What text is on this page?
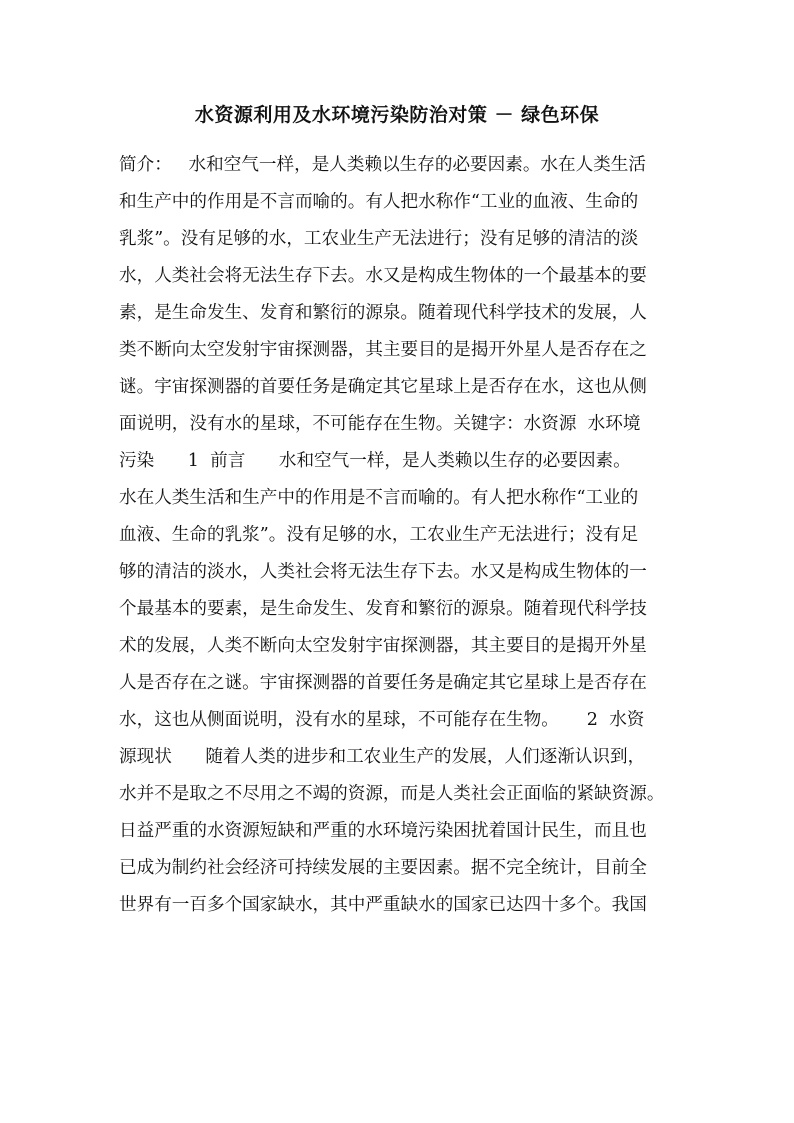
水资源利用及水环境污染防治对策 － 绿色环保
简介：   水和空气一样，是人类赖以生存的必要因素。水在人类生活
和生产中的作用是不言而喻的。有人把水称作“工业的血液、生命的
乳浆”。没有足够的水，工农业生产无法进行；没有足够的清洁的淡
水，人类社会将无法生存下去。水又是构成生物体的一个最基本的要
素，是生命发生、发育和繁衍的源泉。随着现代科学技术的发展，人
类不断向太空发射宇宙探测器，其主要目的是揭开外星人是否存在之
谜。宇宙探测器的首要任务是确定其它星球上是否存在水，这也从侧
面说明，没有水的星球，不可能存在生物。关键字：水资源  水环境
污染      1  前言      水和空气一样，是人类赖以生存的必要因素。
水在人类生活和生产中的作用是不言而喻的。有人把水称作“工业的
血液、生命的乳浆”。没有足够的水，工农业生产无法进行；没有足
够的清洁的淡水，人类社会将无法生存下去。水又是构成生物体的一
个最基本的要素，是生命发生、发育和繁衍的源泉。随着现代科学技
术的发展，人类不断向太空发射宇宙探测器，其主要目的是揭开外星
人是否存在之谜。宇宙探测器的首要任务是确定其它星球上是否存在
水，这也从侧面说明，没有水的星球，不可能存在生物。     2  水资
源现状      随着人类的进步和工农业生产的发展，人们逐渐认识到，
水并不是取之不尽用之不竭的资源，而是人类社会正面临的紧缺资源。
日益严重的水资源短缺和严重的水环境污染困扰着国计民生，而且也
已成为制约社会经济可持续发展的主要因素。据不完全统计，目前全
世界有一百多个国家缺水，其中严重缺水的国家已达四十多个。我国
